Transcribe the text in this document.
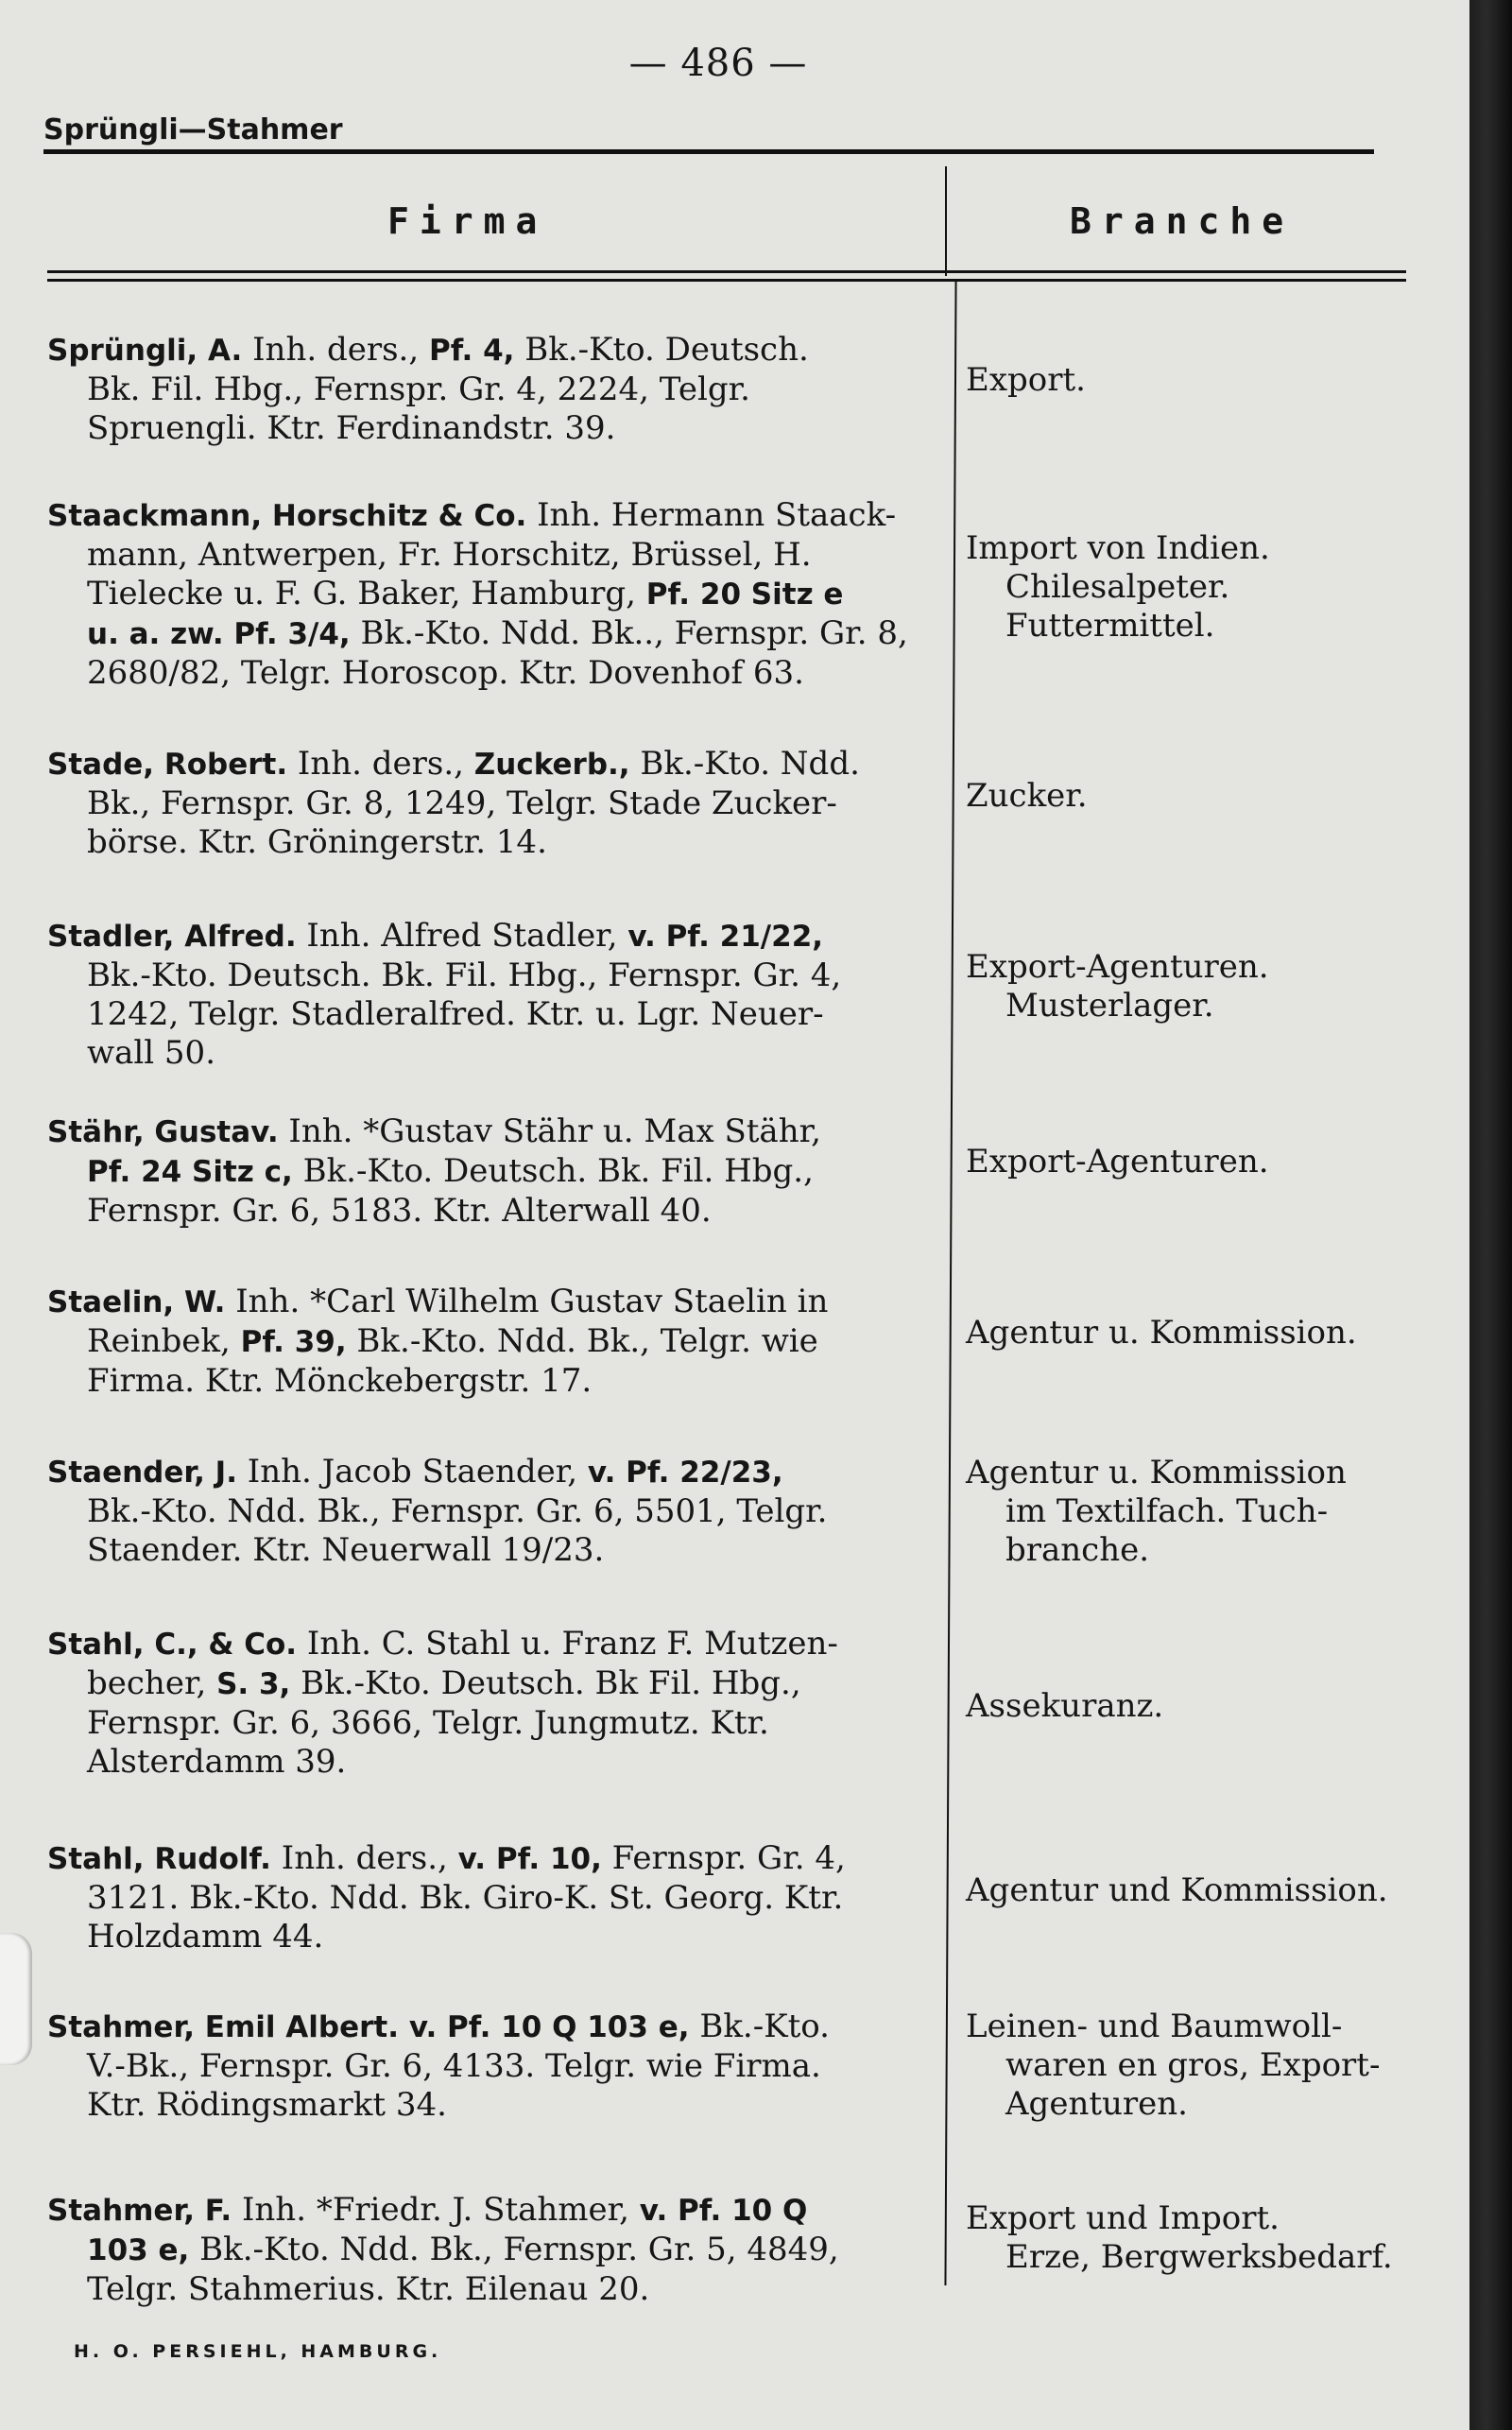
— 486 —
Sprüngli—Stahmer
Firma	Branche
Sprüngli, A. Inh. ders., Pf. 4, Bk.-Kto. Deutsch.
Bk. Fil. Hbg., Fernspr. Gr. 4, 2224, Telgr.
Spruengli. Ktr. Ferdinandstr. 39.
Export.
Staackmann, Horschitz & Co. Inh. Hermann Staack-
mann, Antwerpen, Fr. Horschitz, Brüssel, H.
Tielecke u. F. G. Baker, Hamburg, Pf. 20 Sitz e
u. a. zw. Pf. 3/4, Bk.-Kto. Ndd. Bk.., Fernspr. Gr. 8,
2680/82, Telgr. Horoscop. Ktr. Dovenhof 63.
Import von Indien.
Chilesalpeter.
Futtermittel.
Stade, Robert. Inh. ders., Zuckerb., Bk.-Kto. Ndd.
Bk., Fernspr. Gr. 8, 1249, Telgr. Stade Zucker-
börse. Ktr. Gröningerstr. 14.
Zucker.
Stadler, Alfred. Inh. Alfred Stadler, v. Pf. 21/22,
Bk.-Kto. Deutsch. Bk. Fil. Hbg., Fernspr. Gr. 4,
1242, Telgr. Stadleralfred. Ktr. u. Lgr. Neuer-
wall 50.
Export-Agenturen.
Musterlager.
Stähr, Gustav. Inh. *Gustav Stähr u. Max Stähr,
Pf. 24 Sitz c, Bk.-Kto. Deutsch. Bk. Fil. Hbg.,
Fernspr. Gr. 6, 5183. Ktr. Alterwall 40.
Export-Agenturen.
Staelin, W. Inh. *Carl Wilhelm Gustav Staelin in
Reinbek, Pf. 39, Bk.-Kto. Ndd. Bk., Telgr. wie
Firma. Ktr. Mönckebergstr. 17.
Agentur u. Kommission.
Staender, J. Inh. Jacob Staender, v. Pf. 22/23,
Bk.-Kto. Ndd. Bk., Fernspr. Gr. 6, 5501, Telgr.
Staender. Ktr. Neuerwall 19/23.
Agentur u. Kommission
im Textilfach. Tuch-
branche.
Stahl, C., & Co. Inh. C. Stahl u. Franz F. Mutzen-
becher, S. 3, Bk.-Kto. Deutsch. Bk Fil. Hbg.,
Fernspr. Gr. 6, 3666, Telgr. Jungmutz. Ktr.
Alsterdamm 39.
Assekuranz.
Stahl, Rudolf. Inh. ders., v. Pf. 10, Fernspr. Gr. 4,
3121. Bk.-Kto. Ndd. Bk. Giro-K. St. Georg. Ktr.
Holzdamm 44.
Agentur und Kommission.
Stahmer, Emil Albert. v. Pf. 10 Q 103 e, Bk.-Kto.
V.-Bk., Fernspr. Gr. 6, 4133. Telgr. wie Firma.
Ktr. Rödingsmarkt 34.
Leinen- und Baumwoll-
waren en gros, Export-
Agenturen.
Stahmer, F. Inh. *Friedr. J. Stahmer, v. Pf. 10 Q
103 e, Bk.-Kto. Ndd. Bk., Fernspr. Gr. 5, 4849,
Telgr. Stahmerius. Ktr. Eilenau 20.
Export und Import.
Erze, Bergwerksbedarf.
H. O. PERSIEHL, HAMBURG.
